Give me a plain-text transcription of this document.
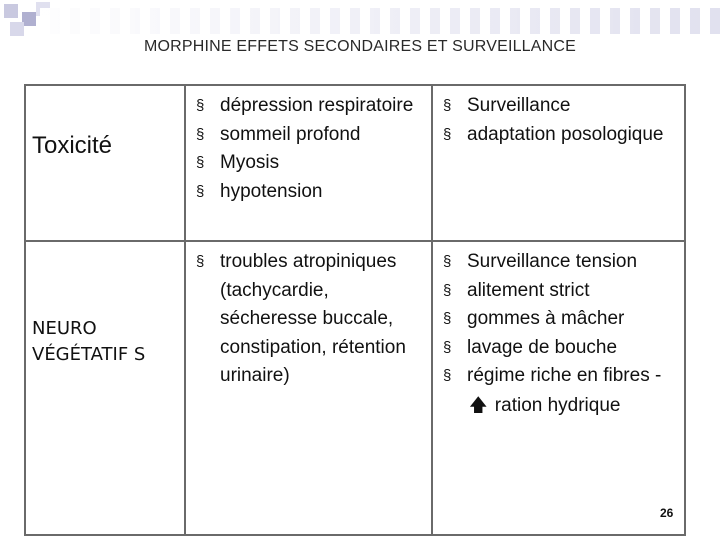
MORPHINE EFFETS SECONDAIRES ET SURVEILLANCE
Toxicité
§ dépression respiratoire
§ sommeil profond
§ Myosis
§ hypotension
§ Surveillance
§ adaptation posologique
NEURO VÉGÉTATIF S
§ troubles atropiniques (tachycardie, sécheresse buccale, constipation, rétention urinaire)
§ Surveillance tension
§ alitement strict
§ gommes à mâcher
§ lavage de bouche
§ régime riche en fibres - 🡅 ration hydrique
26
